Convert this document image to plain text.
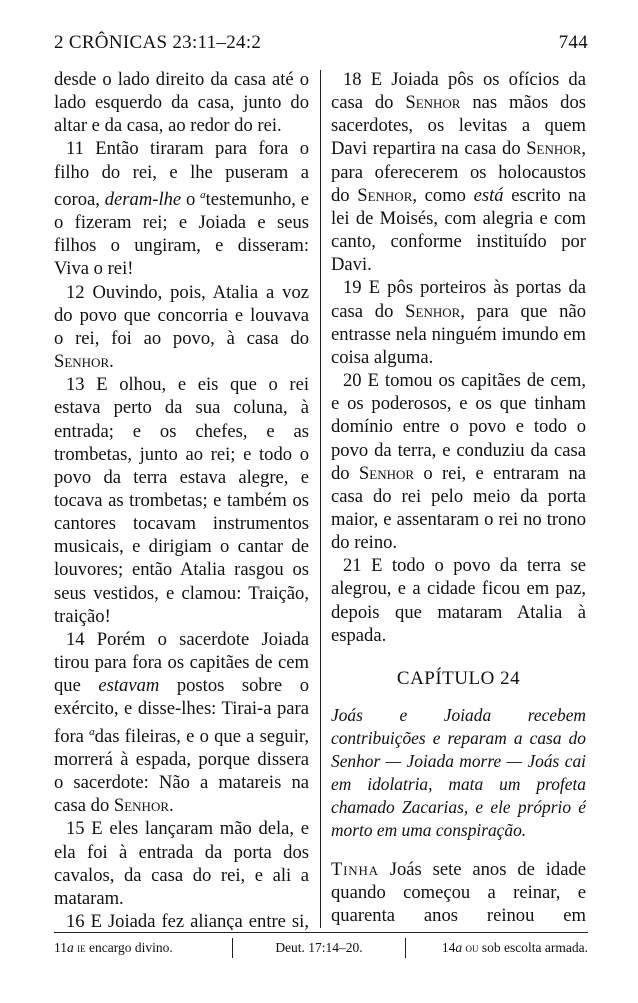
2 CRÔNICAS 23:11–24:2	744

desde o lado direito da casa até o lado esquerdo da casa, junto do altar e da casa, ao redor do rei.

11 Então tiraram para fora o filho do rei, e lhe puseram a coroa, deram-lhe o $^a$testemunho, e o fizeram rei; e Joiada e seus filhos o ungiram, e disseram: Viva o rei!

12 Ouvindo, pois, Atalia a voz do povo que concorria e louvava o rei, foi ao povo, à casa do Senhor.

13 E olhou, e eis que o rei estava perto da sua coluna, à entrada; e os chefes, e as trombetas, junto ao rei; e todo o povo da terra estava alegre, e tocava as trombetas; e também os cantores tocavam instrumentos musicais, e dirigiam o cantar de louvores; então Atalia rasgou os seus vestidos, e clamou: Traição, traição!

14 Porém o sacerdote Joiada tirou para fora os capitães de cem que estavam postos sobre o exército, e disse-lhes: Tirai-a para fora $^a$das fileiras, e o que a seguir, morrerá à espada, porque dissera o sacerdote: Não a matareis na casa do Senhor.

15 E eles lançaram mão dela, e ela foi à entrada da porta dos cavalos, da casa do rei, e ali a mataram.

16 E Joiada fez aliança entre si,

18 E Joiada pôs os ofícios da casa do Senhor nas mãos dos sacerdotes, os levitas a quem Davi repartira na casa do Senhor, para oferecerem os holocaustos do Senhor, como está escrito na lei de Moisés, com alegria e com canto, conforme instituído por Davi.

19 E pôs porteiros às portas da casa do Senhor, para que não entrasse nela ninguém imundo em coisa alguma.

20 E tomou os capitães de cem, e os poderosos, e os que tinham domínio entre o povo e todo o povo da terra, e conduziu da casa do Senhor o rei, e entraram na casa do rei pelo meio da porta maior, e assentaram o rei no trono do reino.

21 E todo o povo da terra se alegrou, e a cidade ficou em paz, depois que mataram Atalia à espada.

CAPÍTULO 24

Joás e Joiada recebem contribuições e reparam a casa do Senhor — Joiada morre — Joás cai em idolatria, mata um profeta chamado Zacarias, e ele próprio é morto em uma conspiração.

Tinha Joás sete anos de idade quando começou a reinar, e quarenta anos reinou em

11a ie encargo divino.	Deut. 17:14–20.	14a ou sob escolta armada.
